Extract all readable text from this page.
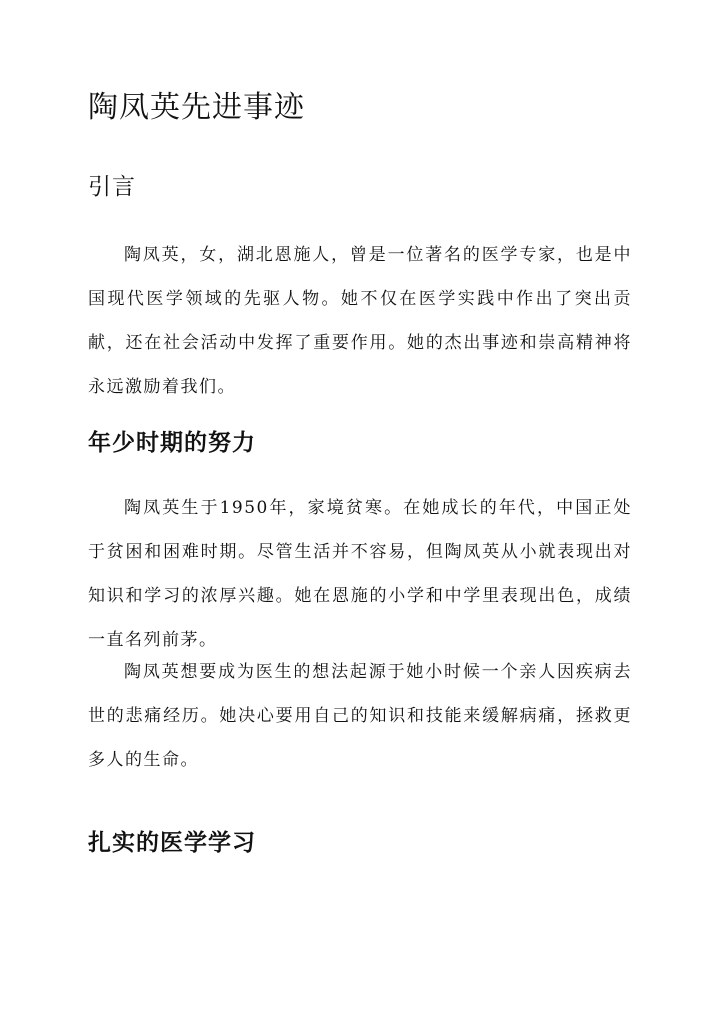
陶凤英先进事迹
引言

陶凤英，女，湖北恩施人，曾是一位著名的医学专家，也是中国现代医学领域的先驱人物。她不仅在医学实践中作出了突出贡献，还在社会活动中发挥了重要作用。她的杰出事迹和崇高精神将永远激励着我们。

年少时期的努力

陶凤英生于1950年，家境贫寒。在她成长的年代，中国正处于贫困和困难时期。尽管生活并不容易，但陶凤英从小就表现出对知识和学习的浓厚兴趣。她在恩施的小学和中学里表现出色，成绩一直名列前茅。

陶凤英想要成为医生的想法起源于她小时候一个亲人因疾病去世的悲痛经历。她决心要用自己的知识和技能来缓解病痛，拯救更多人的生命。

扎实的医学学习
